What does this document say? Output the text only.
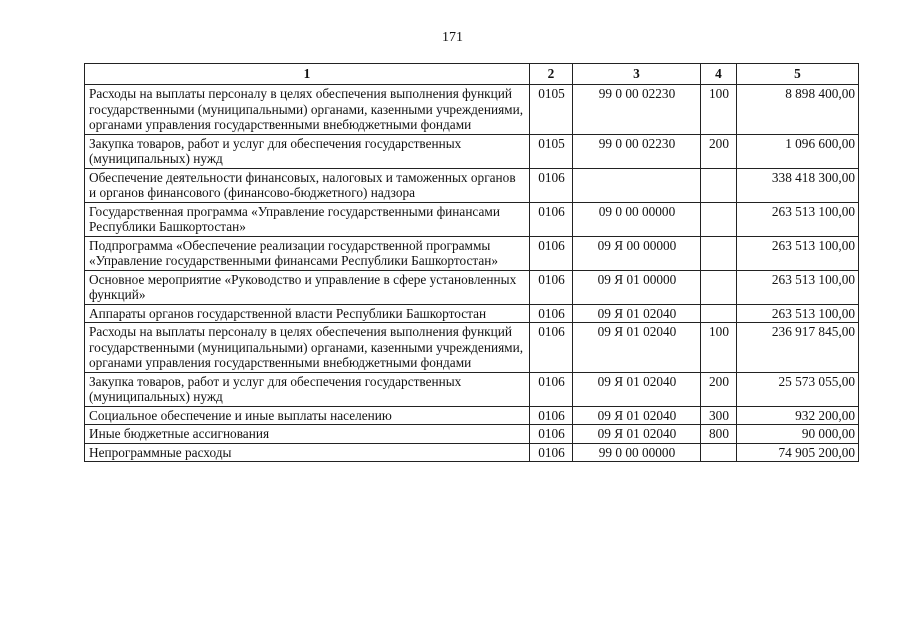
171
1	2	3	4	5
Расходы на выплаты персоналу в целях обеспечения выполнения функций государственными (муниципальными) органами, казенными учреждениями, органами управления государственными внебюджетными фондами	0105	99 0 00 02230	100	8 898 400,00
Закупка товаров, работ и услуг для обеспечения государственных (муниципальных) нужд	0105	99 0 00 02230	200	1 096 600,00
Обеспечение деятельности финансовых, налоговых и таможенных органов и органов финансового (финансово-бюджетного) надзора	0106			338 418 300,00
Государственная программа «Управление государственными финансами Республики Башкортостан»	0106	09 0 00 00000		263 513 100,00
Подпрограмма «Обеспечение реализации государственной программы «Управление государственными финансами Республики Башкортостан»	0106	09 Я 00 00000		263 513 100,00
Основное мероприятие «Руководство и управление в сфере установленных функций»	0106	09 Я 01 00000		263 513 100,00
Аппараты органов государственной власти Республики Башкортостан	0106	09 Я 01 02040		263 513 100,00
Расходы на выплаты персоналу в целях обеспечения выполнения функций государственными (муниципальными) органами, казенными учреждениями, органами управления государственными внебюджетными фондами	0106	09 Я 01 02040	100	236 917 845,00
Закупка товаров, работ и услуг для обеспечения государственных (муниципальных) нужд	0106	09 Я 01 02040	200	25 573 055,00
Социальное обеспечение и иные выплаты населению	0106	09 Я 01 02040	300	932 200,00
Иные бюджетные ассигнования	0106	09 Я 01 02040	800	90 000,00
Непрограммные расходы	0106	99 0 00 00000		74 905 200,00
